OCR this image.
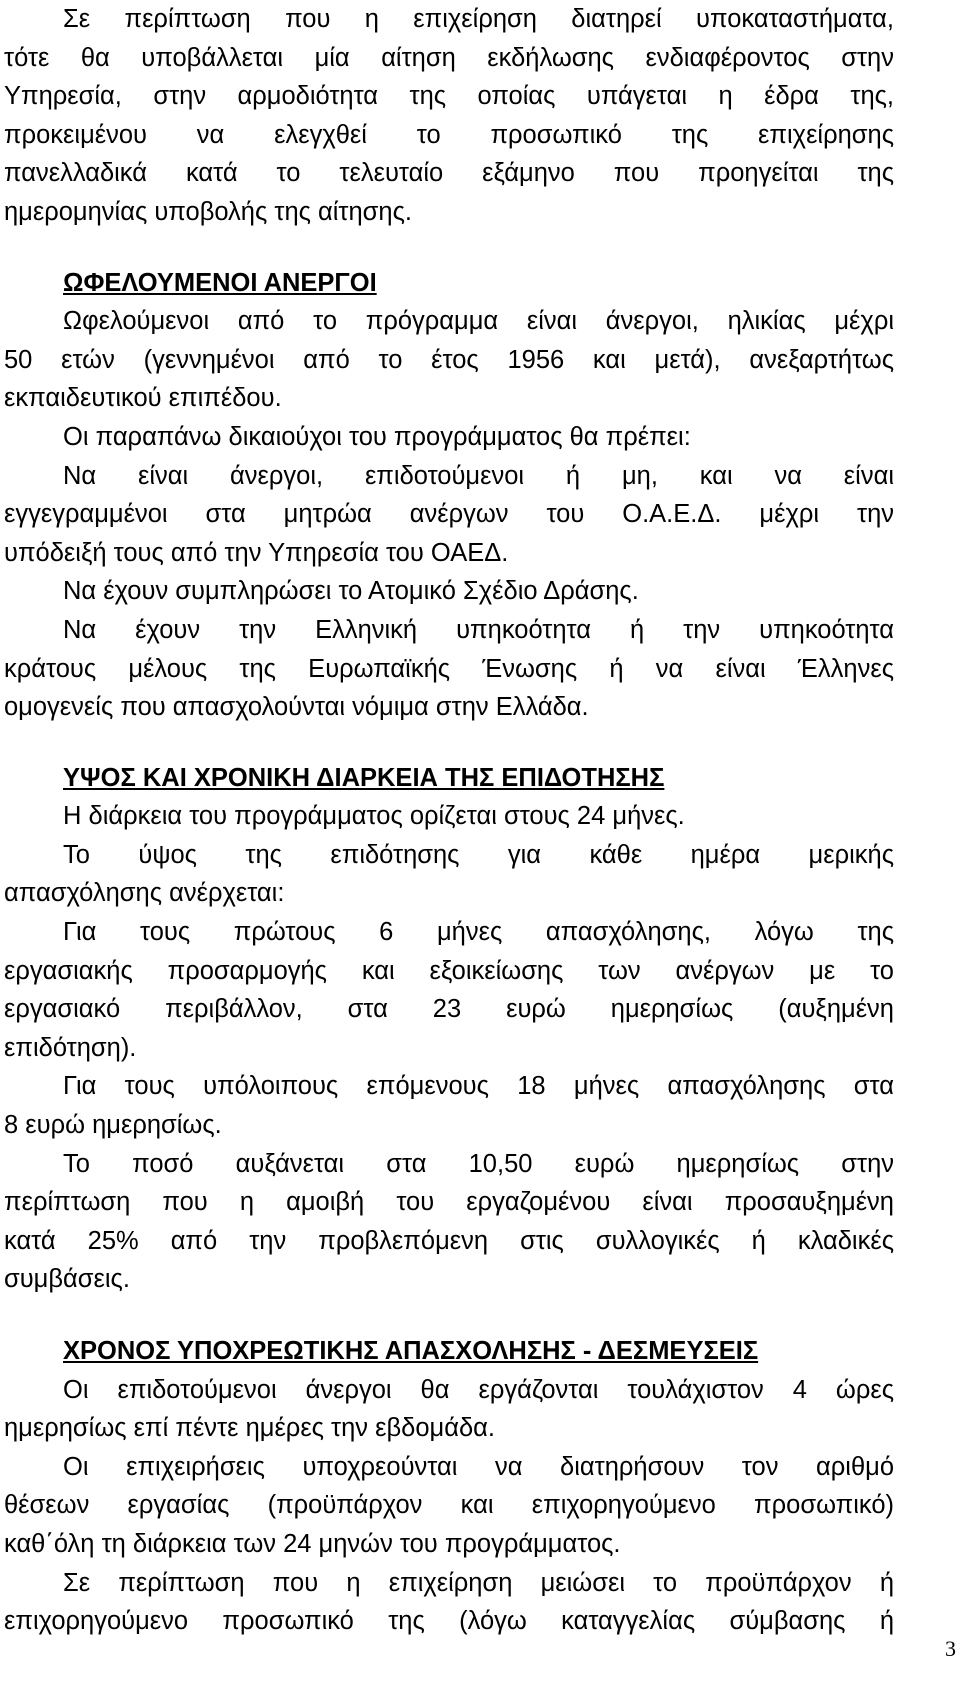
Σε περίπτωση που η επιχείρηση διατηρεί υποκαταστήματα,
τότε θα υποβάλλεται μία αίτηση εκδήλωσης ενδιαφέροντος στην
Υπηρεσία, στην αρμοδιότητα της οποίας υπάγεται η έδρα της,
προκειμένου να ελεγχθεί το προσωπικό της επιχείρησης
πανελλαδικά κατά το τελευταίο εξάμηνο που προηγείται της
ημερομηνίας υποβολής της αίτησης.
ΩΦΕΛΟΥΜΕΝΟΙ ΑΝΕΡΓΟΙ
Ωφελούμενοι από το πρόγραμμα είναι άνεργοι, ηλικίας μέχρι
50 ετών (γεννημένοι από το έτος 1956 και μετά), ανεξαρτήτως
εκπαιδευτικού επιπέδου.
Οι παραπάνω δικαιούχοι του προγράμματος θα πρέπει:
Να είναι άνεργοι, επιδοτούμενοι ή μη, και να είναι
εγγεγραμμένοι στα μητρώα ανέργων του Ο.Α.Ε.Δ. μέχρι την
υπόδειξή τους από την Υπηρεσία του ΟΑΕΔ.
Να έχουν συμπληρώσει το Ατομικό Σχέδιο Δράσης.
Να έχουν την Ελληνική υπηκοότητα ή την υπηκοότητα
κράτους μέλους της Ευρωπαϊκής Ένωσης ή να είναι Έλληνες
ομογενείς που απασχολούνται νόμιμα στην Ελλάδα.
ΥΨΟΣ ΚΑΙ ΧΡΟΝΙΚΗ ΔΙΑΡΚΕΙΑ ΤΗΣ ΕΠΙΔΟΤΗΣΗΣ
Η διάρκεια του προγράμματος ορίζεται στους 24 μήνες.
Το ύψος της επιδότησης για κάθε ημέρα μερικής
απασχόλησης ανέρχεται:
Για τους πρώτους 6 μήνες απασχόλησης, λόγω της
εργασιακής προσαρμογής και εξοικείωσης των ανέργων με το
εργασιακό περιβάλλον, στα 23 ευρώ ημερησίως (αυξημένη
επιδότηση).
Για τους υπόλοιπους επόμενους 18 μήνες απασχόλησης στα
8 ευρώ ημερησίως.
Το ποσό αυξάνεται στα 10,50 ευρώ ημερησίως στην
περίπτωση που η αμοιβή του εργαζομένου είναι προσαυξημένη
κατά 25% από την προβλεπόμενη στις συλλογικές ή κλαδικές
συμβάσεις.
ΧΡΟΝΟΣ ΥΠΟΧΡΕΩΤΙΚΗΣ ΑΠΑΣΧΟΛΗΣΗΣ - ΔΕΣΜΕΥΣΕΙΣ
Οι επιδοτούμενοι άνεργοι θα εργάζονται τουλάχιστον 4 ώρες
ημερησίως επί πέντε ημέρες την εβδομάδα.
Οι επιχειρήσεις υποχρεούνται να διατηρήσουν τον αριθμό
θέσεων εργασίας (προϋπάρχον και επιχορηγούμενο προσωπικό)
καθ΄όλη τη διάρκεια των 24 μηνών του προγράμματος.
Σε περίπτωση που η επιχείρηση μειώσει το προϋπάρχον ή
επιχορηγούμενο προσωπικό της (λόγω καταγγελίας σύμβασης ή
3
